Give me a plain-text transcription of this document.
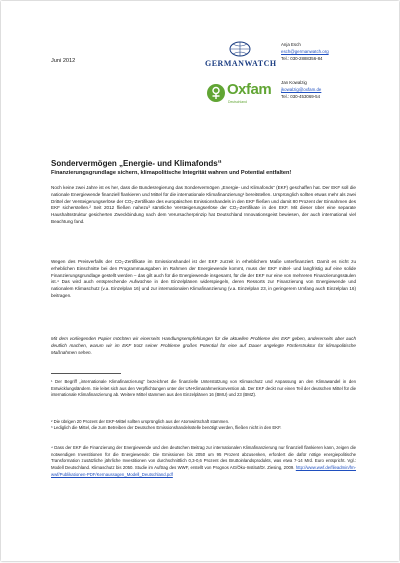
Juni 2012	GERMANWATCH
Anja Esch
esch@germanwatch.org
Tel.: 030-2888356-84
Oxfam
Deutschland
Jan Kowalzig
jkowalzig@oxfam.de
Tel.: 030-453069-54
Sondervermögen „Energie- und Klimafonds“
Finanzierungsgrundlage sichern, klimapolitische Integrität wahren und Potential entfalten!
Noch keine zwei Jahre ist es her, dass die Bundesregierung das Sondervermögen „Energie- und Klimafonds“ (EKF) geschaffen hat. Der EKF soll die nationale Energiewende finanziell flankieren und Mittel für die internationale Klimafinanzierung¹ bereitstellen. Ursprünglich sollten etwas mehr als zwei Drittel der Versteigerungserlöse der CO₂-Zertifikate des europäischen Emissionshandels in den EKF fließen und damit 80 Prozent der Einnahmen des EKF sicherstellen.² Seit 2012 fließen nahezu³ sämtliche Versteigerungserlöse der CO₂-Zertifikate in den EKF. Mit dieser über eine separate Haushaltsstruktur gesicherten Zweckbindung nach dem Verursacherprinzip hat Deutschland Innovationsgeist bewiesen, der auch international viel Beachtung fand.
Wegen des Preisverfalls der CO₂-Zertifikate im Emissionshandel ist der EKF zurzeit in erheblichem Maße unterfinanziert. Damit es nicht zu erheblichen Einschnitte bei den Programmausgaben im Rahmen der Energiewende kommt, muss der EKF mittel- und langfristig auf eine solide Finanzierungsgrundlage gestellt werden – das gilt auch für die Energiewende insgesamt, für die der EKF nur eine von mehreren Finanzierungssäulen ist.⁴ Das wird auch entsprechende Aufwüchse in den Einzelplänen widerspiegeln, deren Ressorts zur Finanzierung von Energiewende und nationalem Klimaschutz (v.a. Einzelplan 16) und zur internationalen Klimafinanzierung (v.a. Einzelplan 23, in geringerem Umfang auch Einzelplan 16) beitragen.
Mit dem vorliegenden Papier möchten wir einerseits Handlungsempfehlungen für die aktuellen Probleme des EKF geben, andererseits aber auch deutlich machen, warum wir im EKF trotz seiner Probleme großes Potential für eine auf Dauer angelegte Förderstruktur für klimapolitische Maßnahmen sehen.
¹ Der Begriff „internationale Klimafinanzierung“ bezeichnet die finanzielle Unterstützung von Klimaschutz und Anpassung an den Klimawandel in den Entwicklungsländern. Sie leitet sich aus den Verpflichtungen unter der UN-Klimarahmenkonvention ab. Der EKF deckt nur einen Teil der deutschen Mittel für die internationale Klimafinanzierung ab. Weitere Mittel stammen aus den Einzelplänen 16 (BMU) und 23 (BMZ).
² Die übrigen 20 Prozent der EKF-Mittel sollten ursprünglich aus der Atomwirtschaft stammen.
³ Lediglich die Mittel, die zum Betreiben der Deutschen Emissionshandelsstelle benötigt werden, fließen nicht in den EKF.
⁴ Dass der EKF die Finanzierung der Energiewende und den deutschen Beitrag zur internationalen Klimafinanzierung nur finanziell flankieren kann, zeigen die notwendigen Investitionen für die Energiewende: Die Emissionen bis 2050 um 95 Prozent abzusenken, erfordert die dafür nötige energiepolitische Transformation zusätzliche jährliche Investitionen von durchschnittlich 0,3-0,6 Prozent des Bruttoinlandsprodukts, was etwa 7-14 Mrd. Euro entspricht. Vgl.: Modell Deutschland. Klimaschutz bis 2050. Studie im Auftrag des WWF, erstellt von Prognos AG/Öko-Institut/Dr. Ziesing, 2009. http://www.wwf.de/fileadmin/fm-wwf/Publikationen-PDF/Kernaussagen_Modell_Deutschland.pdf
